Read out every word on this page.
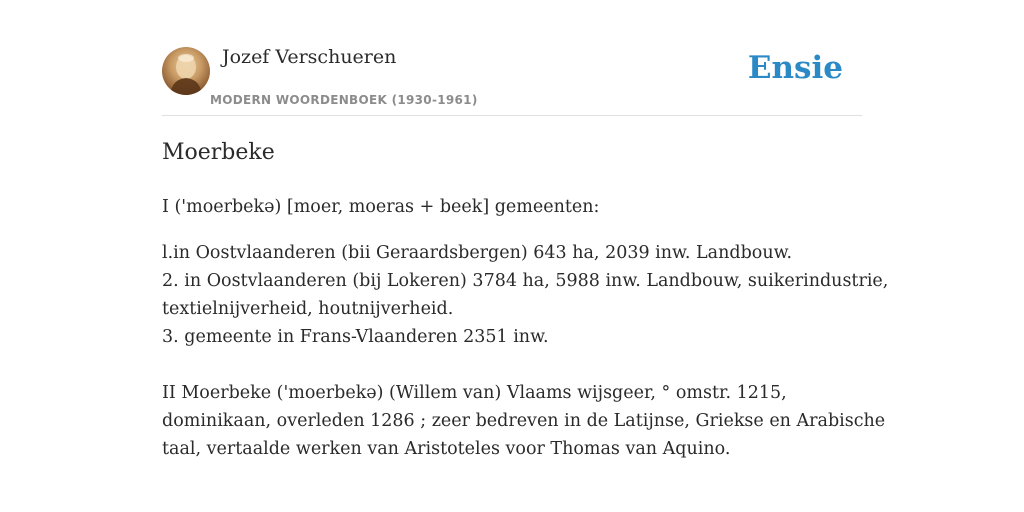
Jozef Verschueren
MODERN WOORDENBOEK (1930-1961)
Ensie
Moerbeke

I ('moerbekə) [moer, moeras + beek] gemeenten:

l.in Oostvlaanderen (bii Geraardsbergen) 643 ha, 2039 inw. Landbouw.
2. in Oostvlaanderen (bij Lokeren) 3784 ha, 5988 inw. Landbouw, suikerindustrie,
textielnijverheid, houtnijverheid.
3. gemeente in Frans-Vlaanderen 2351 inw.
II Moerbeke ('moerbekə) (Willem van) Vlaams wijsgeer, ° omstr. 1215,
dominikaan, overleden 1286 ; zeer bedreven in de Latijnse, Griekse en Arabische
taal, vertaalde werken van Aristoteles voor Thomas van Aquino.
